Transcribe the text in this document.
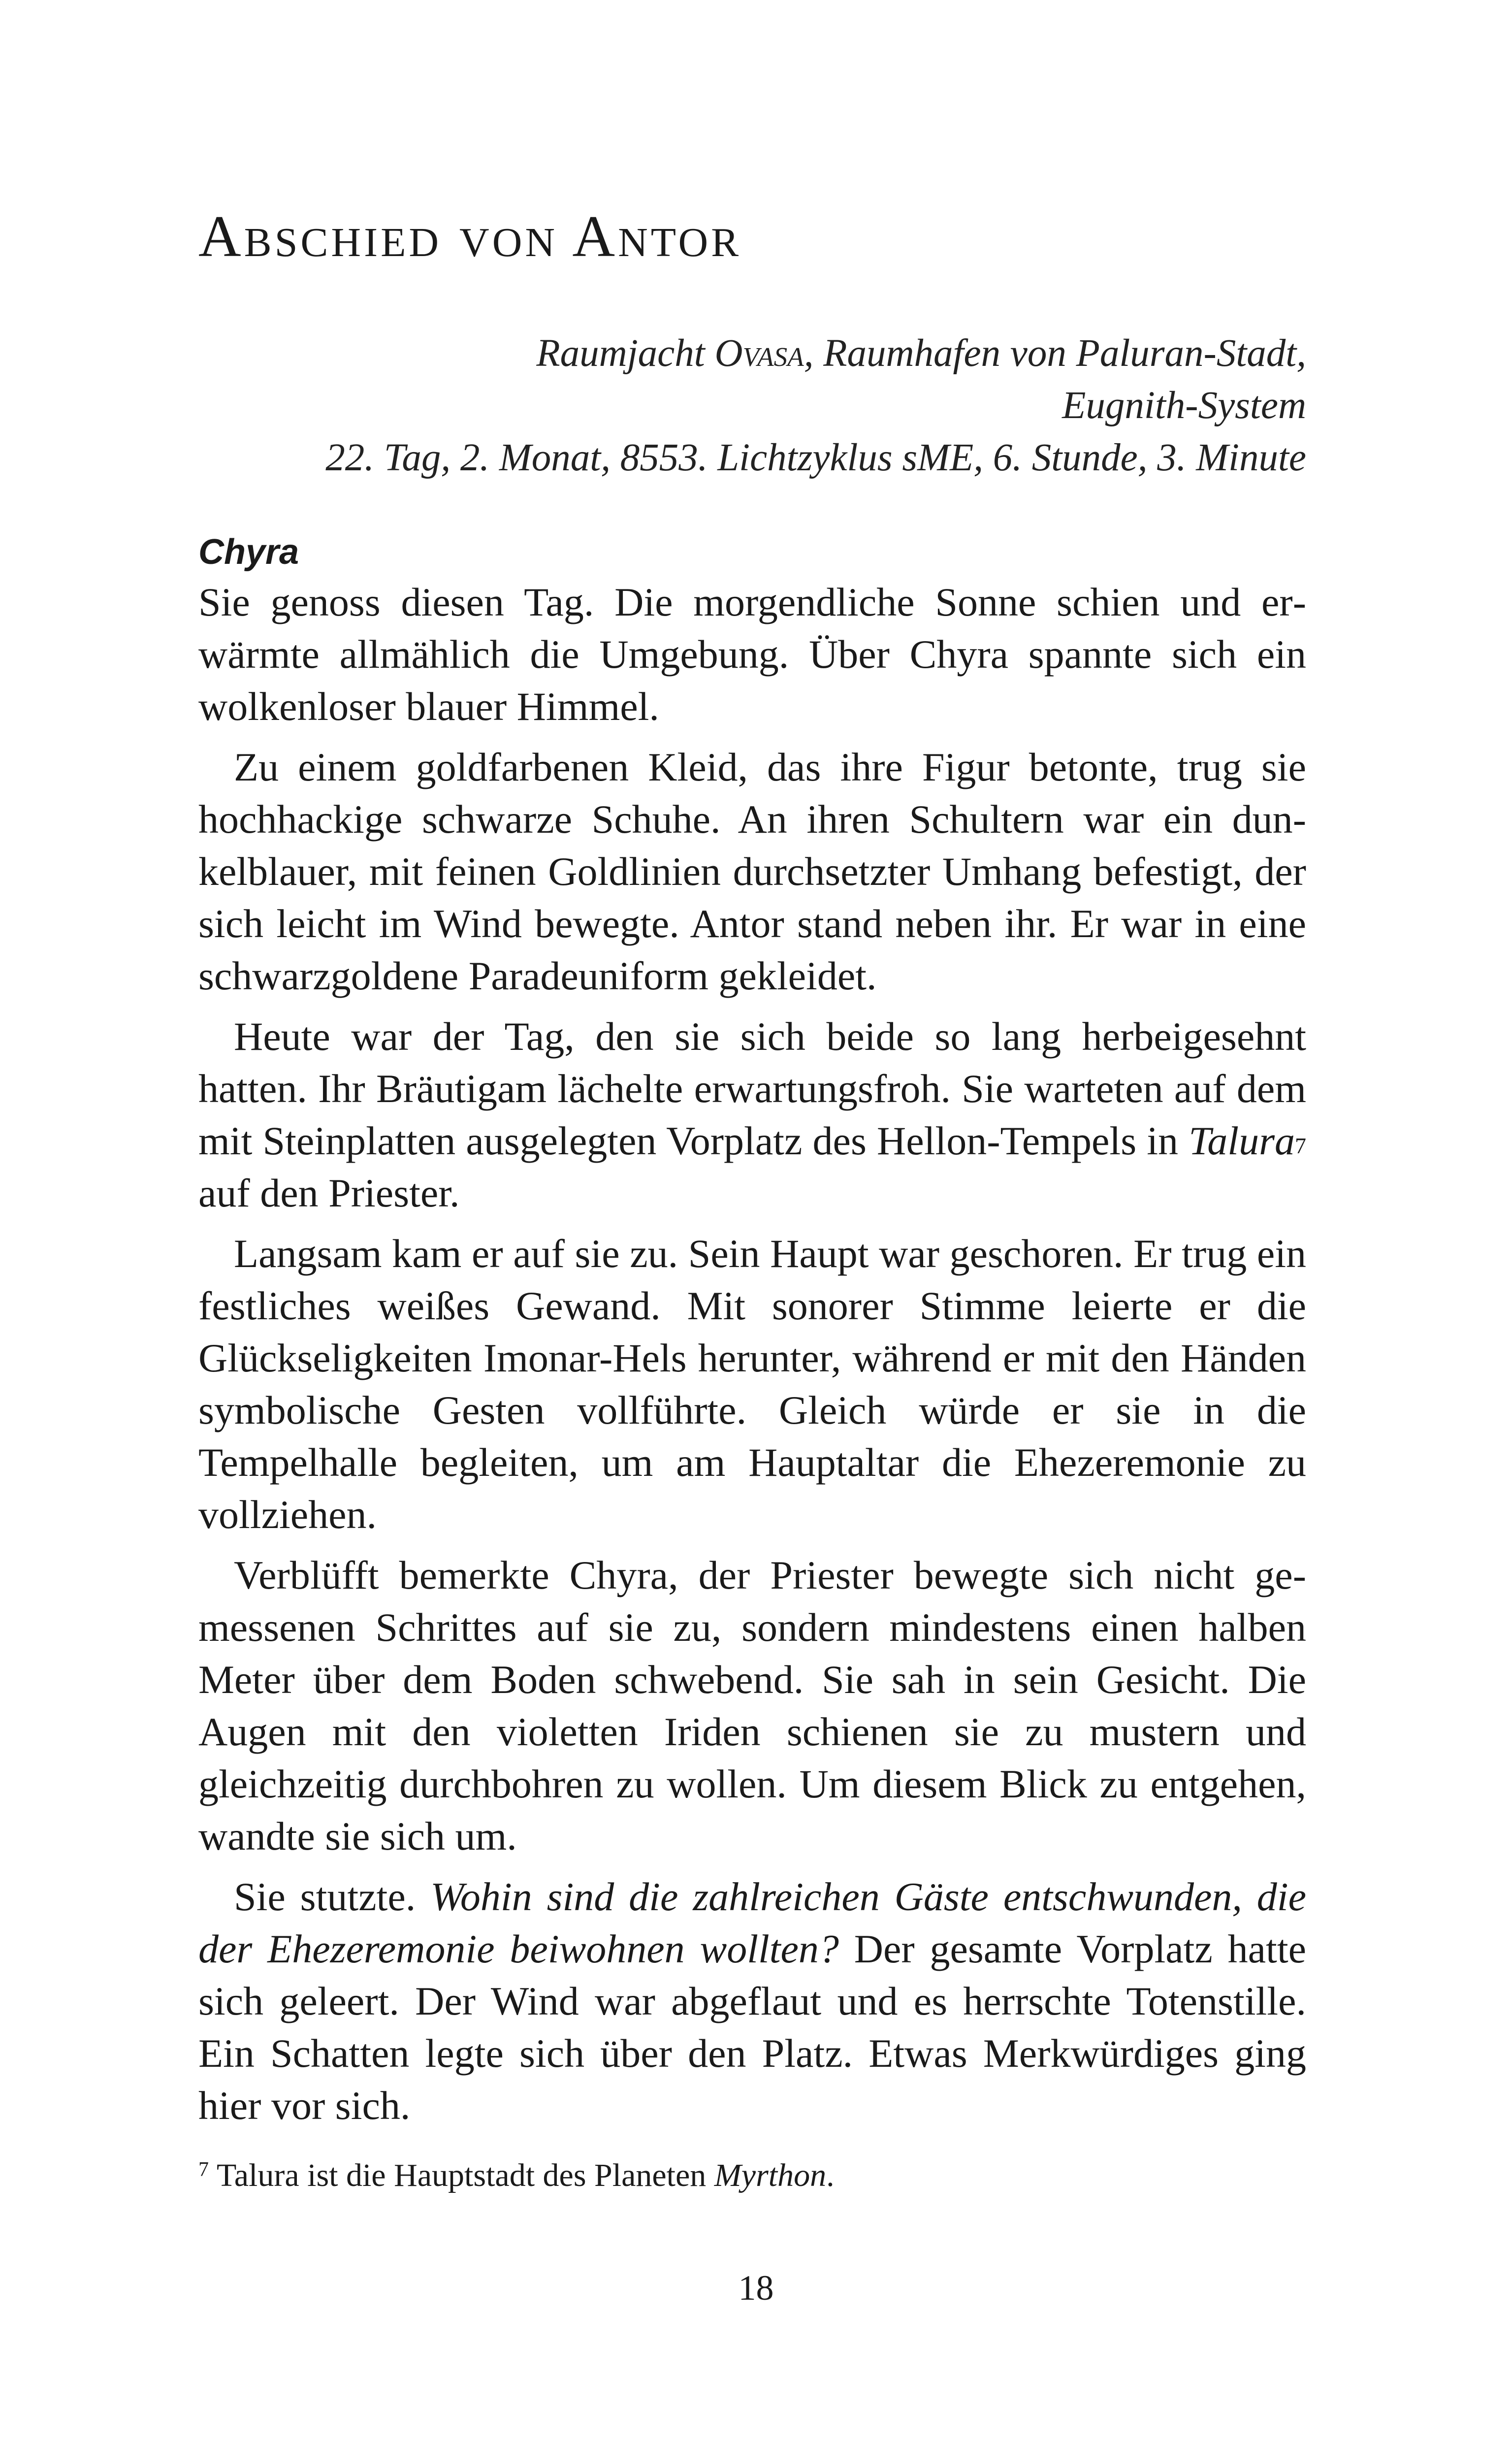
Abschied von Antor
Raumjacht Ovasa, Raumhafen von Paluran-Stadt,
Eugnith-System
22. Tag, 2. Monat, 8553. Lichtzyklus sME, 6. Stunde, 3. Minute
Chyra

Sie genoss diesen Tag. Die morgendliche Sonne schien und erwärmte allmählich die Umgebung. Über Chyra spannte sich ein wolkenloser blauer Himmel.

Zu einem goldfarbenen Kleid, das ihre Figur betonte, trug sie hochhackige schwarze Schuhe. An ihren Schultern war ein dunkelblauer, mit feinen Goldlinien durchsetzter Umhang befestigt, der sich leicht im Wind bewegte. Antor stand neben ihr. Er war in eine schwarzgoldene Paradeuniform gekleidet.

Heute war der Tag, den sie sich beide so lang herbeigesehnt hatten. Ihr Bräutigam lächelte erwartungsfroh. Sie warteten auf dem mit Steinplatten ausgelegten Vorplatz des Hellon-Tempels in Talura$^7$ auf den Priester.

Langsam kam er auf sie zu. Sein Haupt war geschoren. Er trug ein festliches weißes Gewand. Mit sonorer Stimme leierte er die Glückseligkeiten Imonar-Hels herunter, während er mit den Händen symbolische Gesten vollführte. Gleich würde er sie in die Tempelhalle begleiten, um am Hauptaltar die Ehezeremonie zu vollziehen.

Verblüfft bemerkte Chyra, der Priester bewegte sich nicht gemessenen Schrittes auf sie zu, sondern mindestens einen halben Meter über dem Boden schwebend. Sie sah in sein Gesicht. Die Augen mit den violetten Iriden schienen sie zu mustern und gleichzeitig durchbohren zu wollen. Um diesem Blick zu entgehen, wandte sie sich um.

Sie stutzte. Wohin sind die zahlreichen Gäste entschwunden, die der Ehezeremonie beiwohnen wollten? Der gesamte Vorplatz hatte sich geleert. Der Wind war abgeflaut und es herrschte Totenstille. Ein Schatten legte sich über den Platz. Etwas Merkwürdiges ging hier vor sich.

$^7$ Talura ist die Hauptstadt des Planeten Myrthon.
18
